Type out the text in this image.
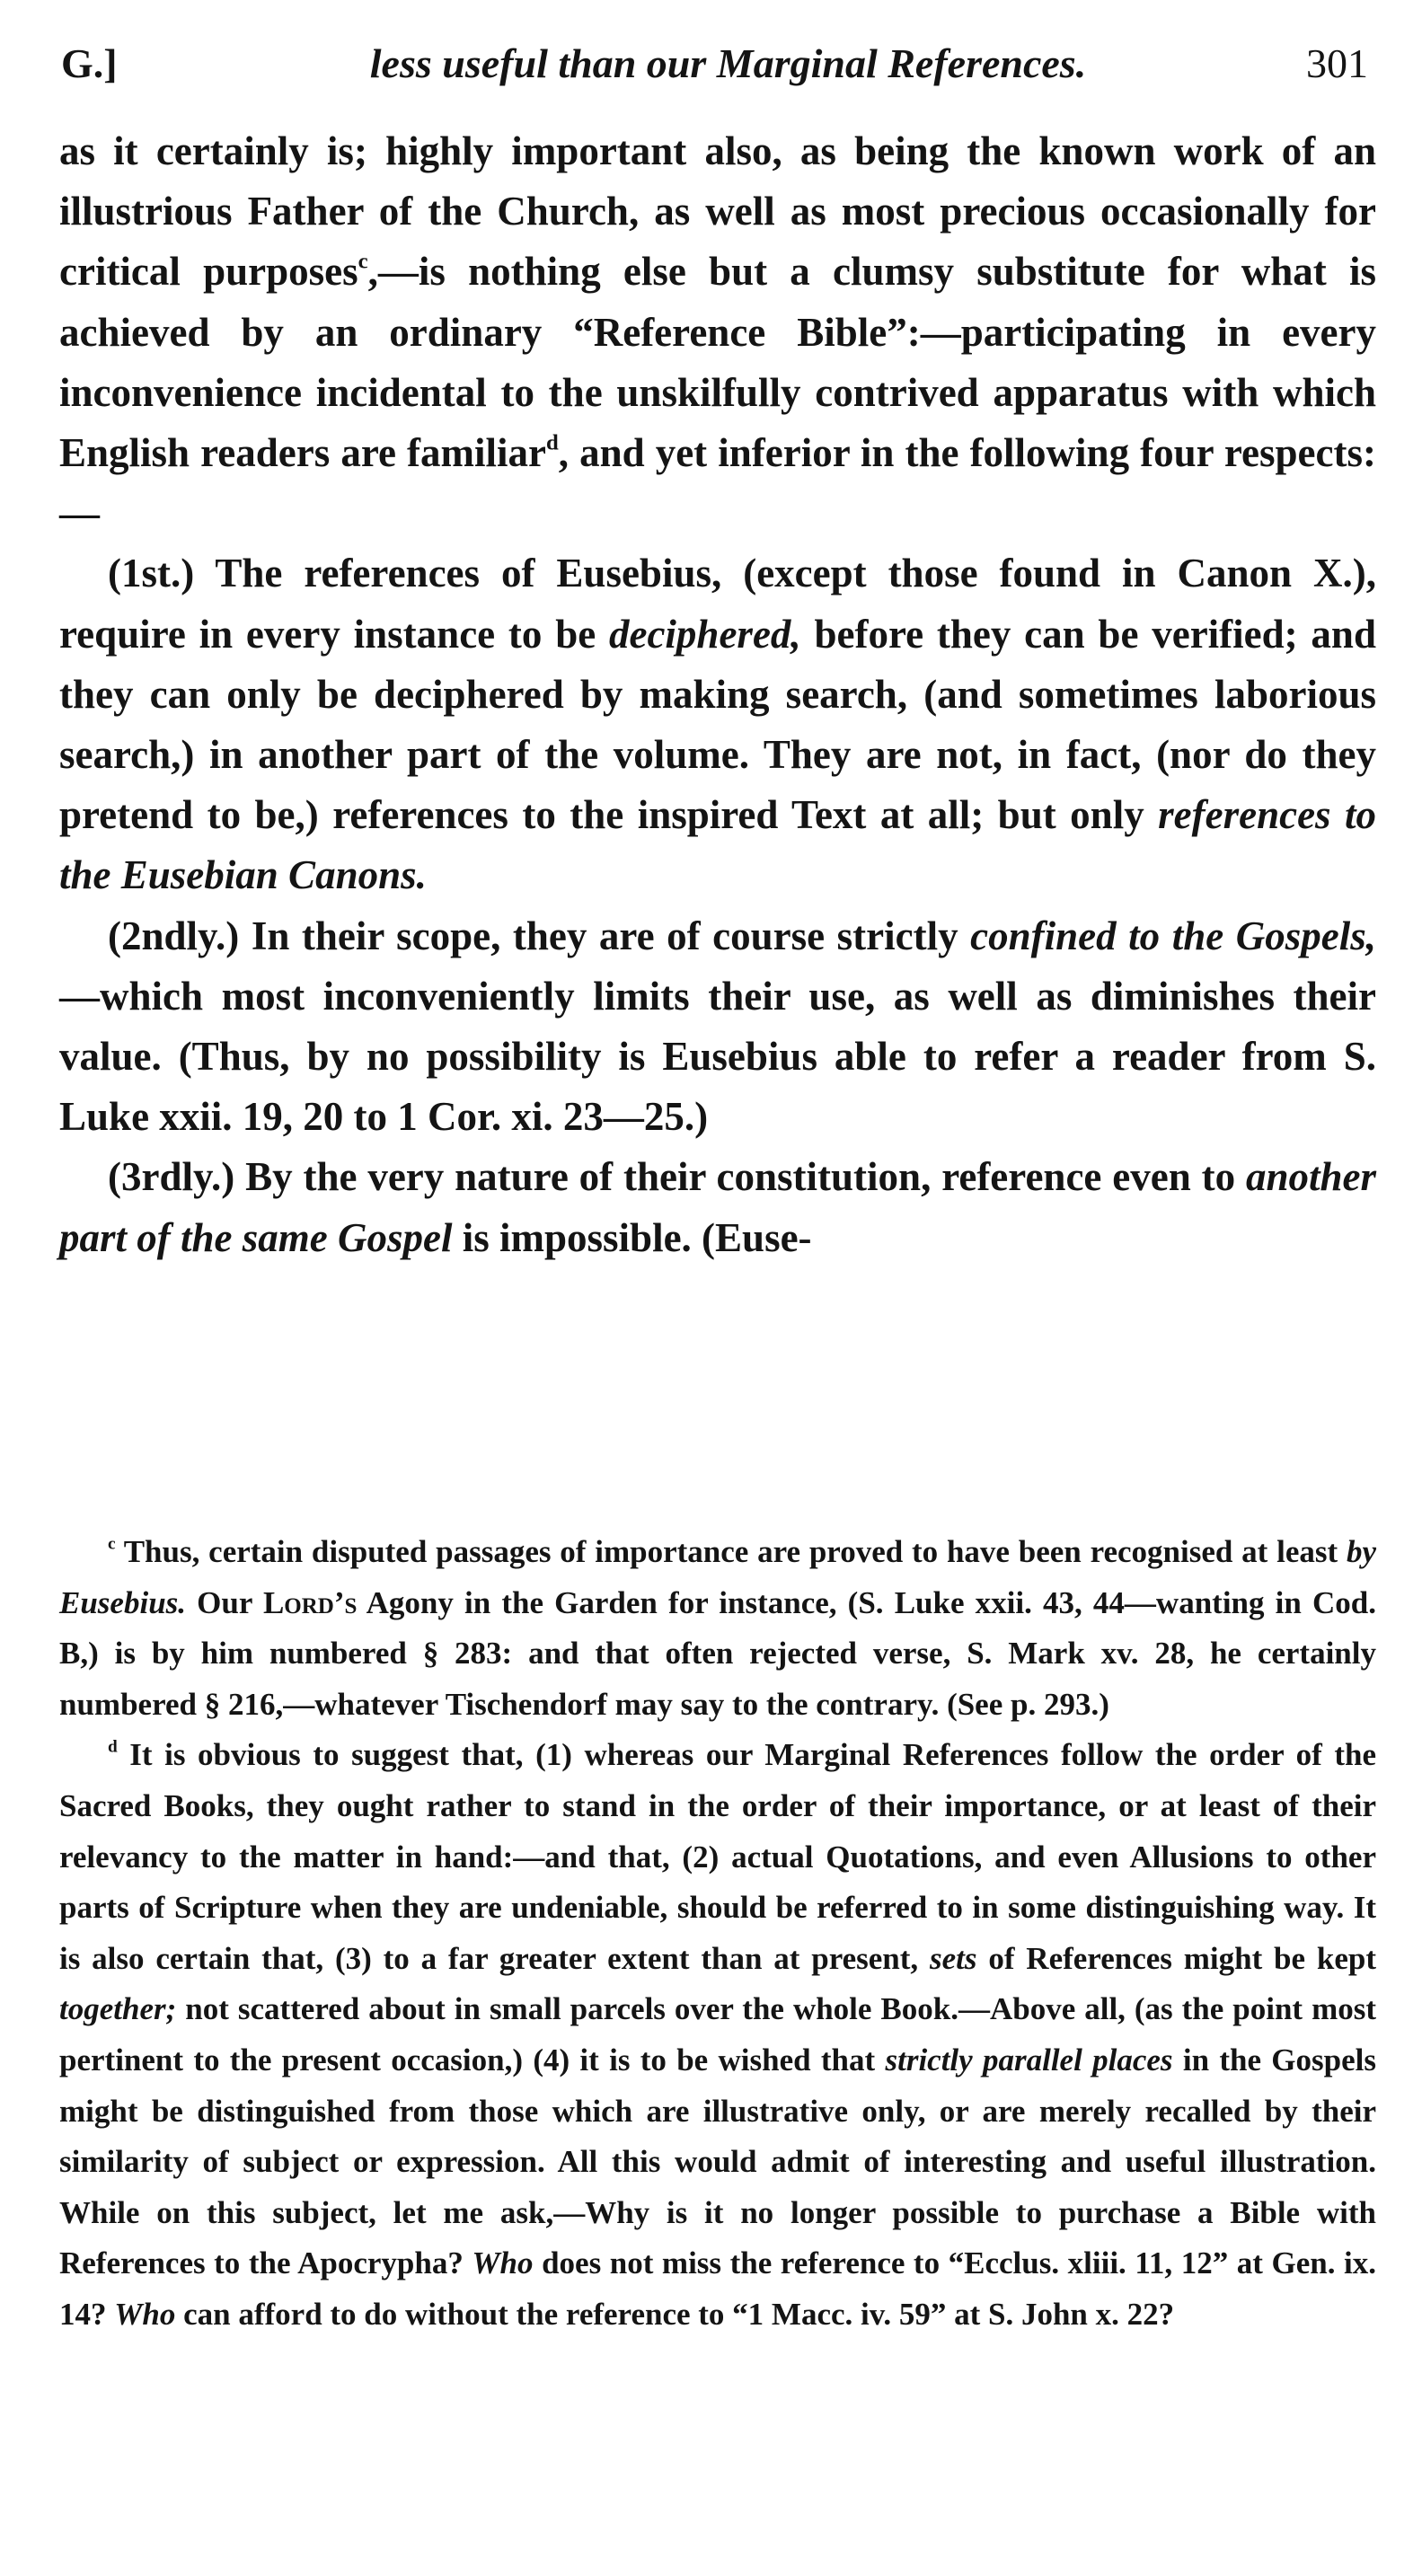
G.]	less useful than our Marginal References.	301

as it certainly is; highly important also, as being the known work of an illustrious Father of the Church, as well as most precious occasionally for critical purposes$^c$,—is nothing else but a clumsy substitute for what is achieved by an ordinary “Reference Bible”:—participating in every inconvenience incidental to the unskilfully contrived apparatus with which English readers are familiar$^d$, and yet inferior in the following four respects:—

(1st.) The references of Eusebius, (except those found in Canon X.), require in every instance to be deciphered, before they can be verified; and they can only be deciphered by making search, (and sometimes laborious search,) in another part of the volume. They are not, in fact, (nor do they pretend to be,) references to the inspired Text at all; but only references to the Eusebian Canons.

(2ndly.) In their scope, they are of course strictly confined to the Gospels,—which most inconveniently limits their use, as well as diminishes their value. (Thus, by no possibility is Eusebius able to refer a reader from S. Luke xxii. 19, 20 to 1 Cor. xi. 23—25.)

(3rdly.) By the very nature of their constitution, reference even to another part of the same Gospel is impossible. (Euse-

$^c$ Thus, certain disputed passages of importance are proved to have been recognised at least by Eusebius. Our Lord’s Agony in the Garden for instance, (S. Luke xxii. 43, 44—wanting in Cod. B,) is by him numbered § 283: and that often rejected verse, S. Mark xv. 28, he certainly numbered § 216,—whatever Tischendorf may say to the contrary. (See p. 293.)

$^d$ It is obvious to suggest that, (1) whereas our Marginal References follow the order of the Sacred Books, they ought rather to stand in the order of their importance, or at least of their relevancy to the matter in hand:—and that, (2) actual Quotations, and even Allusions to other parts of Scripture when they are undeniable, should be referred to in some distinguishing way. It is also certain that, (3) to a far greater extent than at present, sets of References might be kept together; not scattered about in small parcels over the whole Book.—Above all, (as the point most pertinent to the present occasion,) (4) it is to be wished that strictly parallel places in the Gospels might be distinguished from those which are illustrative only, or are merely recalled by their similarity of subject or expression. All this would admit of interesting and useful illustration. While on this subject, let me ask,—Why is it no longer possible to purchase a Bible with References to the Apocrypha? Who does not miss the reference to “Ecclus. xliii. 11, 12” at Gen. ix. 14? Who can afford to do without the reference to “1 Macc. iv. 59” at S. John x. 22?
